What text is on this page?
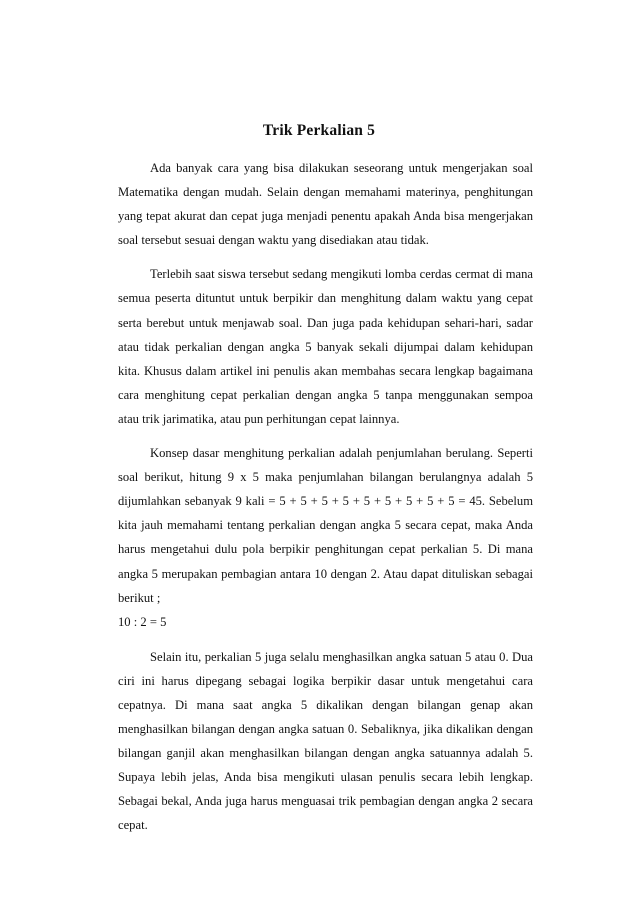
Trik Perkalian 5

Ada banyak cara yang bisa dilakukan seseorang untuk mengerjakan soal Matematika dengan mudah. Selain dengan memahami materinya, penghitungan yang tepat akurat dan cepat juga menjadi penentu apakah Anda bisa mengerjakan soal tersebut sesuai dengan waktu yang disediakan atau tidak.

Terlebih saat siswa tersebut sedang mengikuti lomba cerdas cermat di mana semua peserta dituntut untuk berpikir dan menghitung dalam waktu yang cepat serta berebut untuk menjawab soal. Dan juga pada kehidupan sehari-hari, sadar atau tidak perkalian dengan angka 5 banyak sekali dijumpai dalam kehidupan kita. Khusus dalam artikel ini penulis akan membahas secara lengkap bagaimana cara menghitung cepat perkalian dengan angka 5 tanpa menggunakan sempoa atau trik jarimatika, atau pun perhitungan cepat lainnya.

Konsep dasar menghitung perkalian adalah penjumlahan berulang. Seperti soal berikut, hitung 9 x 5 maka penjumlahan bilangan berulangnya adalah 5 dijumlahkan sebanyak 9 kali = 5 + 5 + 5 + 5 + 5 + 5 + 5 + 5 + 5 = 45. Sebelum kita jauh memahami tentang perkalian dengan angka 5 secara cepat, maka Anda harus mengetahui dulu pola berpikir penghitungan cepat perkalian 5. Di mana angka 5 merupakan pembagian antara 10 dengan 2. Atau dapat dituliskan sebagai berikut ;

10 : 2 = 5

Selain itu, perkalian 5 juga selalu menghasilkan angka satuan 5 atau 0. Dua ciri ini harus dipegang sebagai logika berpikir dasar untuk mengetahui cara cepatnya. Di mana saat angka 5 dikalikan dengan bilangan genap akan menghasilkan bilangan dengan angka satuan 0. Sebaliknya, jika dikalikan dengan bilangan ganjil akan menghasilkan bilangan dengan angka satuannya adalah 5. Supaya lebih jelas, Anda bisa mengikuti ulasan penulis secara lebih lengkap. Sebagai bekal, Anda juga harus menguasai trik pembagian dengan angka 2 secara cepat.
